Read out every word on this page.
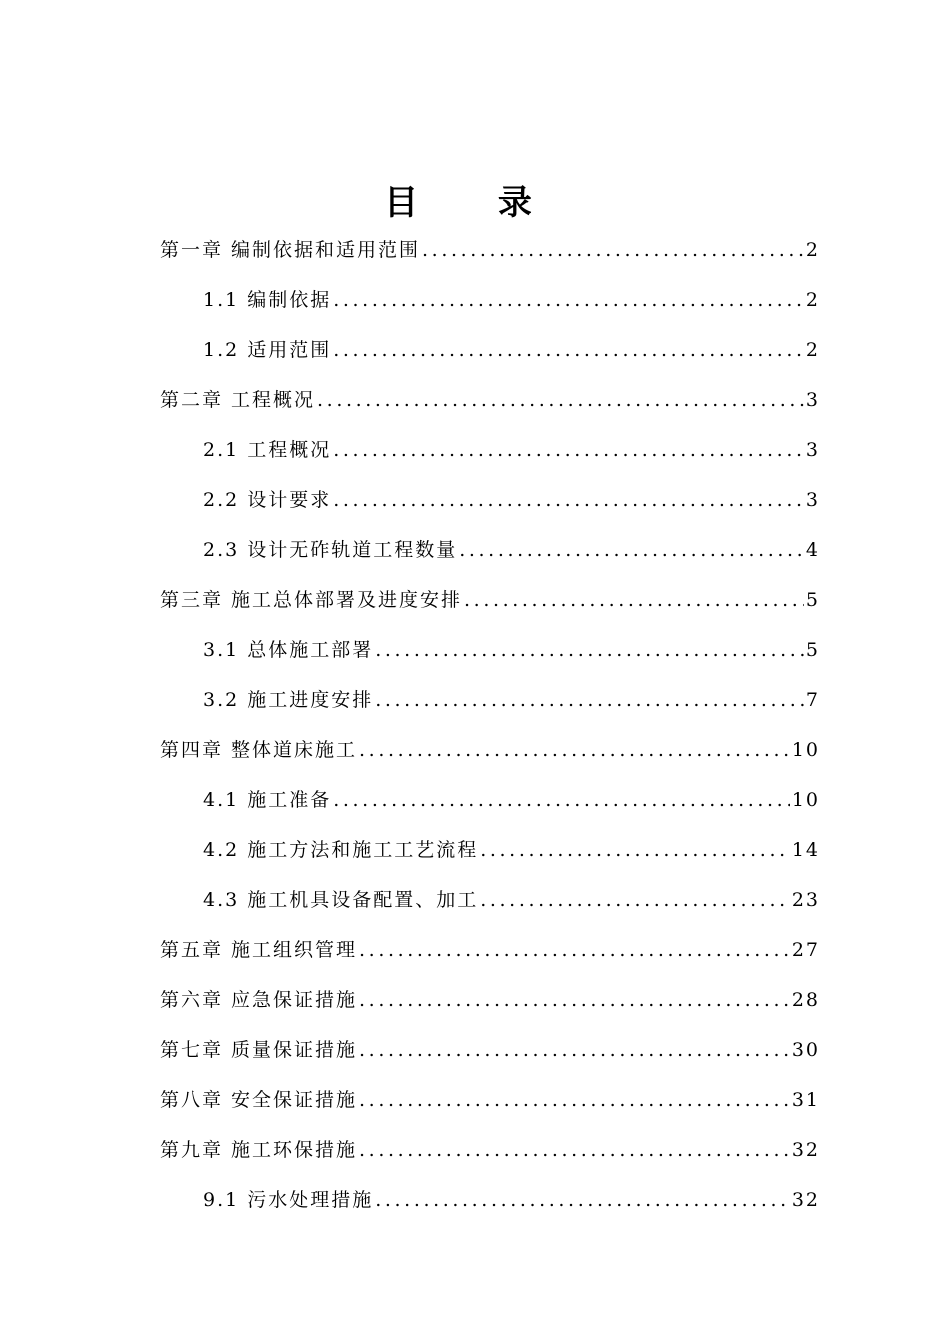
目 录
第一章 编制依据和适用范围 .....	2
1.1 编制依据 .....	2
1.2 适用范围 .....	2
第二章 工程概况 .....	3
2.1 工程概况 .....	3
2.2 设计要求 .....	3
2.3 设计无砟轨道工程数量 .....	4
第三章 施工总体部署及进度安排 .....	5
3.1 总体施工部署 .....	5
3.2 施工进度安排 .....	7
第四章 整体道床施工 .....	10
4.1 施工准备 .....	10
4.2 施工方法和施工工艺流程 .....	14
4.3 施工机具设备配置、加工 .....	23
第五章 施工组织管理 .....	27
第六章 应急保证措施 .....	28
第七章 质量保证措施 .....	30
第八章 安全保证措施 .....	31
第九章 施工环保措施 .....	32
9.1 污水处理措施 .....	32
